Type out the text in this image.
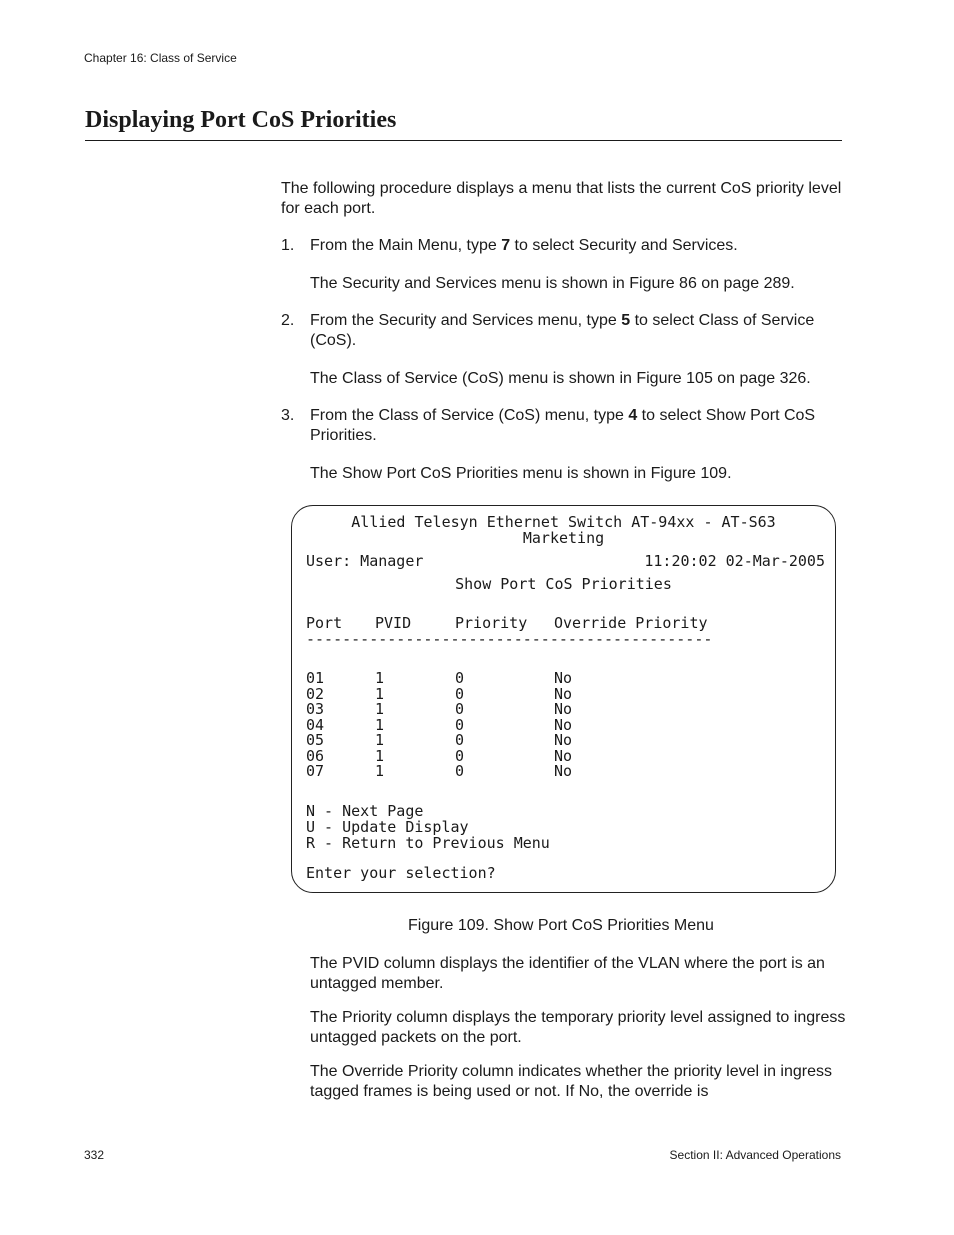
Chapter 16: Class of Service
Displaying Port CoS Priorities

The following procedure displays a menu that lists the current CoS priority level for each port.

1. From the Main Menu, type 7 to select Security and Services.

The Security and Services menu is shown in Figure 86 on page 289.

2. From the Security and Services menu, type 5 to select Class of Service (CoS).

The Class of Service (CoS) menu is shown in Figure 105 on page 326.

3. From the Class of Service (CoS) menu, type 4 to select Show Port CoS Priorities.

The Show Port CoS Priorities menu is shown in Figure 109.

Allied Telesyn Ethernet Switch AT-94xx - AT-S63
Marketing
User: Manager	11:20:02 02-Mar-2005
Show Port CoS Priorities
Port PVID	Priority Override Priority
---------------------------------------------
01	1	0	No
02	1	0	No
03	1	0	No
04	1	0	No
05	1	0	No
06	1	0	No
07	1	0	No
N - Next Page
U - Update Display
R - Return to Previous Menu
Enter your selection?

Figure 109. Show Port CoS Priorities Menu

The PVID column displays the identifier of the VLAN where the port is an untagged member.

The Priority column displays the temporary priority level assigned to ingress untagged packets on the port.

The Override Priority column indicates whether the priority level in ingress tagged frames is being used or not. If No, the override is

332	Section II: Advanced Operations
